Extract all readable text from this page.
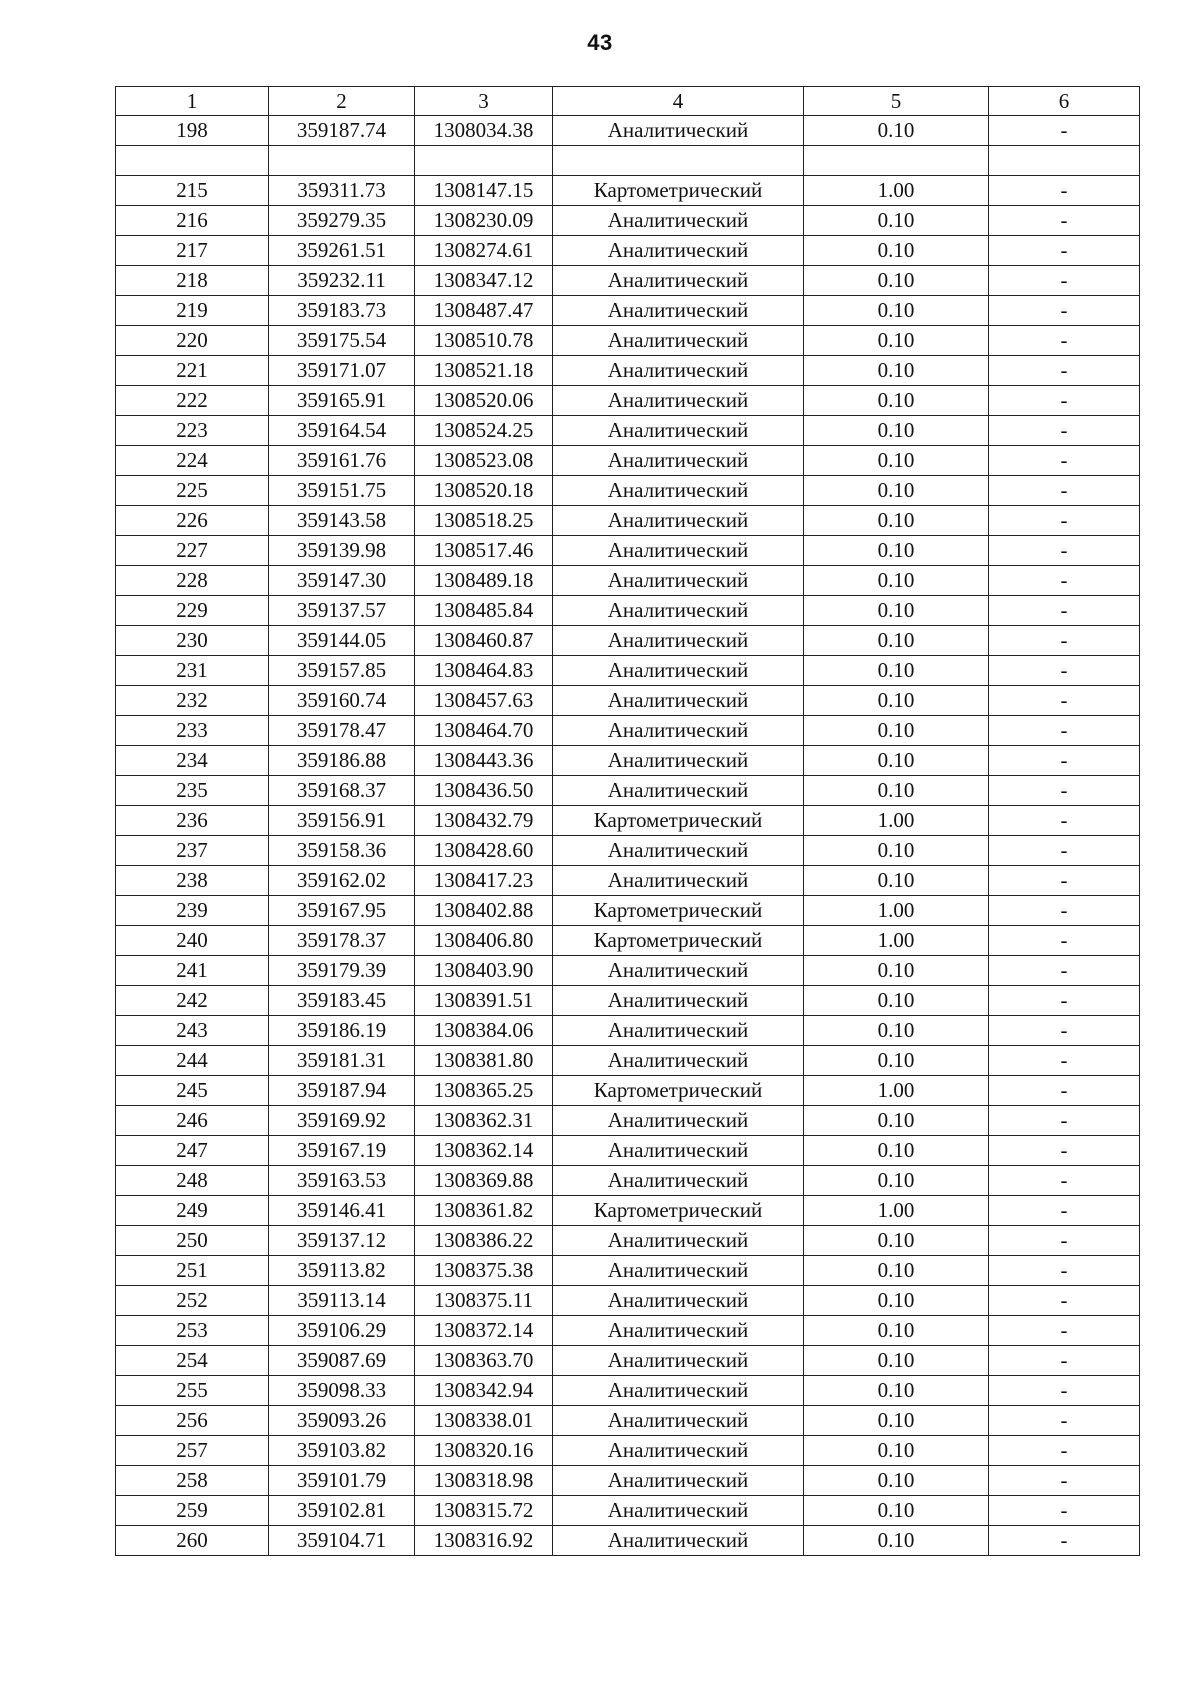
43
1	2	3	4	5	6
198	359187.74	1308034.38	Аналитический	0.10	-

215	359311.73	1308147.15	Картометрический	1.00	-
216	359279.35	1308230.09	Аналитический	0.10	-
217	359261.51	1308274.61	Аналитический	0.10	-
218	359232.11	1308347.12	Аналитический	0.10	-
219	359183.73	1308487.47	Аналитический	0.10	-
220	359175.54	1308510.78	Аналитический	0.10	-
221	359171.07	1308521.18	Аналитический	0.10	-
222	359165.91	1308520.06	Аналитический	0.10	-
223	359164.54	1308524.25	Аналитический	0.10	-
224	359161.76	1308523.08	Аналитический	0.10	-
225	359151.75	1308520.18	Аналитический	0.10	-
226	359143.58	1308518.25	Аналитический	0.10	-
227	359139.98	1308517.46	Аналитический	0.10	-
228	359147.30	1308489.18	Аналитический	0.10	-
229	359137.57	1308485.84	Аналитический	0.10	-
230	359144.05	1308460.87	Аналитический	0.10	-
231	359157.85	1308464.83	Аналитический	0.10	-
232	359160.74	1308457.63	Аналитический	0.10	-
233	359178.47	1308464.70	Аналитический	0.10	-
234	359186.88	1308443.36	Аналитический	0.10	-
235	359168.37	1308436.50	Аналитический	0.10	-
236	359156.91	1308432.79	Картометрический	1.00	-
237	359158.36	1308428.60	Аналитический	0.10	-
238	359162.02	1308417.23	Аналитический	0.10	-
239	359167.95	1308402.88	Картометрический	1.00	-
240	359178.37	1308406.80	Картометрический	1.00	-
241	359179.39	1308403.90	Аналитический	0.10	-
242	359183.45	1308391.51	Аналитический	0.10	-
243	359186.19	1308384.06	Аналитический	0.10	-
244	359181.31	1308381.80	Аналитический	0.10	-
245	359187.94	1308365.25	Картометрический	1.00	-
246	359169.92	1308362.31	Аналитический	0.10	-
247	359167.19	1308362.14	Аналитический	0.10	-
248	359163.53	1308369.88	Аналитический	0.10	-
249	359146.41	1308361.82	Картометрический	1.00	-
250	359137.12	1308386.22	Аналитический	0.10	-
251	359113.82	1308375.38	Аналитический	0.10	-
252	359113.14	1308375.11	Аналитический	0.10	-
253	359106.29	1308372.14	Аналитический	0.10	-
254	359087.69	1308363.70	Аналитический	0.10	-
255	359098.33	1308342.94	Аналитический	0.10	-
256	359093.26	1308338.01	Аналитический	0.10	-
257	359103.82	1308320.16	Аналитический	0.10	-
258	359101.79	1308318.98	Аналитический	0.10	-
259	359102.81	1308315.72	Аналитический	0.10	-
260	359104.71	1308316.92	Аналитический	0.10	-
